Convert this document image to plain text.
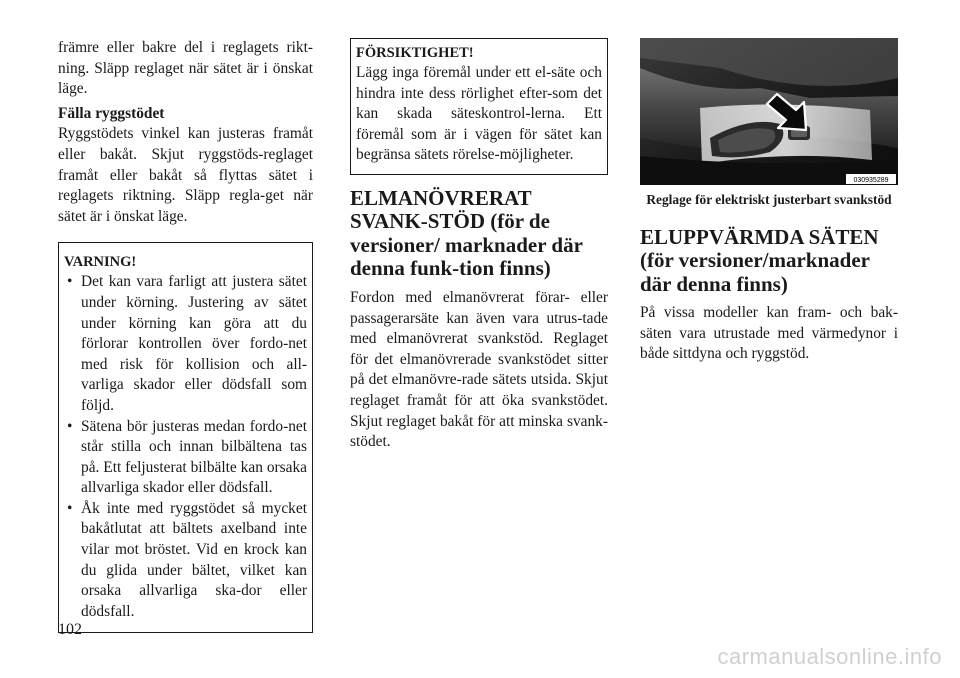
främre eller bakre del i reglagets rikt-ning. Släpp reglaget när sätet är i önskat läge.

Fälla ryggstödet
Ryggstödets vinkel kan justeras framåt eller bakåt. Skjut ryggstöds-reglaget framåt eller bakåt så flyttas sätet i reglagets riktning. Släpp regla-get när sätet är i önskat läge.

VARNING!
• Det kan vara farligt att justera sätet under körning. Justering av sätet under körning kan göra att du förlorar kontrollen över fordo-net med risk för kollision och all-varliga skador eller dödsfall som följd.
• Sätena bör justeras medan fordo-net står stilla och innan bilbältena tas på. Ett feljusterat bilbälte kan orsaka allvarliga skador eller dödsfall.
• Åk inte med ryggstödet så mycket bakåtlutat att bältets axelband inte vilar mot bröstet. Vid en krock kan du glida under bältet, vilket kan orsaka allvarliga ska-dor eller dödsfall.
FÖRSIKTIGHET!

Lägg inga föremål under ett el-säte och hindra inte dess rörlighet efter-som det kan skada säteskontrol-lerna. Ett föremål som är i vägen för sätet kan begränsa sätets rörelse-möjligheter.

ELMANÖVRERAT SVANK-STÖD (för de versioner/ marknader där denna funk-tion finns)

Fordon med elmanövrerat förar- eller passagerarsäte kan även vara utrus-tade med elmanövrerat svankstöd. Reglaget för det elmanövrerade svankstödet sitter på det elmanövre-rade sätets utsida. Skjut reglaget framåt för att öka svankstödet. Skjut reglaget bakåt för att minska svank-stödet.

030935289

Reglage för elektriskt justerbart svankstöd

ELUPPVÄRMDA SÄTEN (för versioner/marknader där denna finns)

På vissa modeller kan fram- och bak-säten vara utrustade med värmedynor i både sittdyna och ryggstöd.

102
carmanualsonline.info
